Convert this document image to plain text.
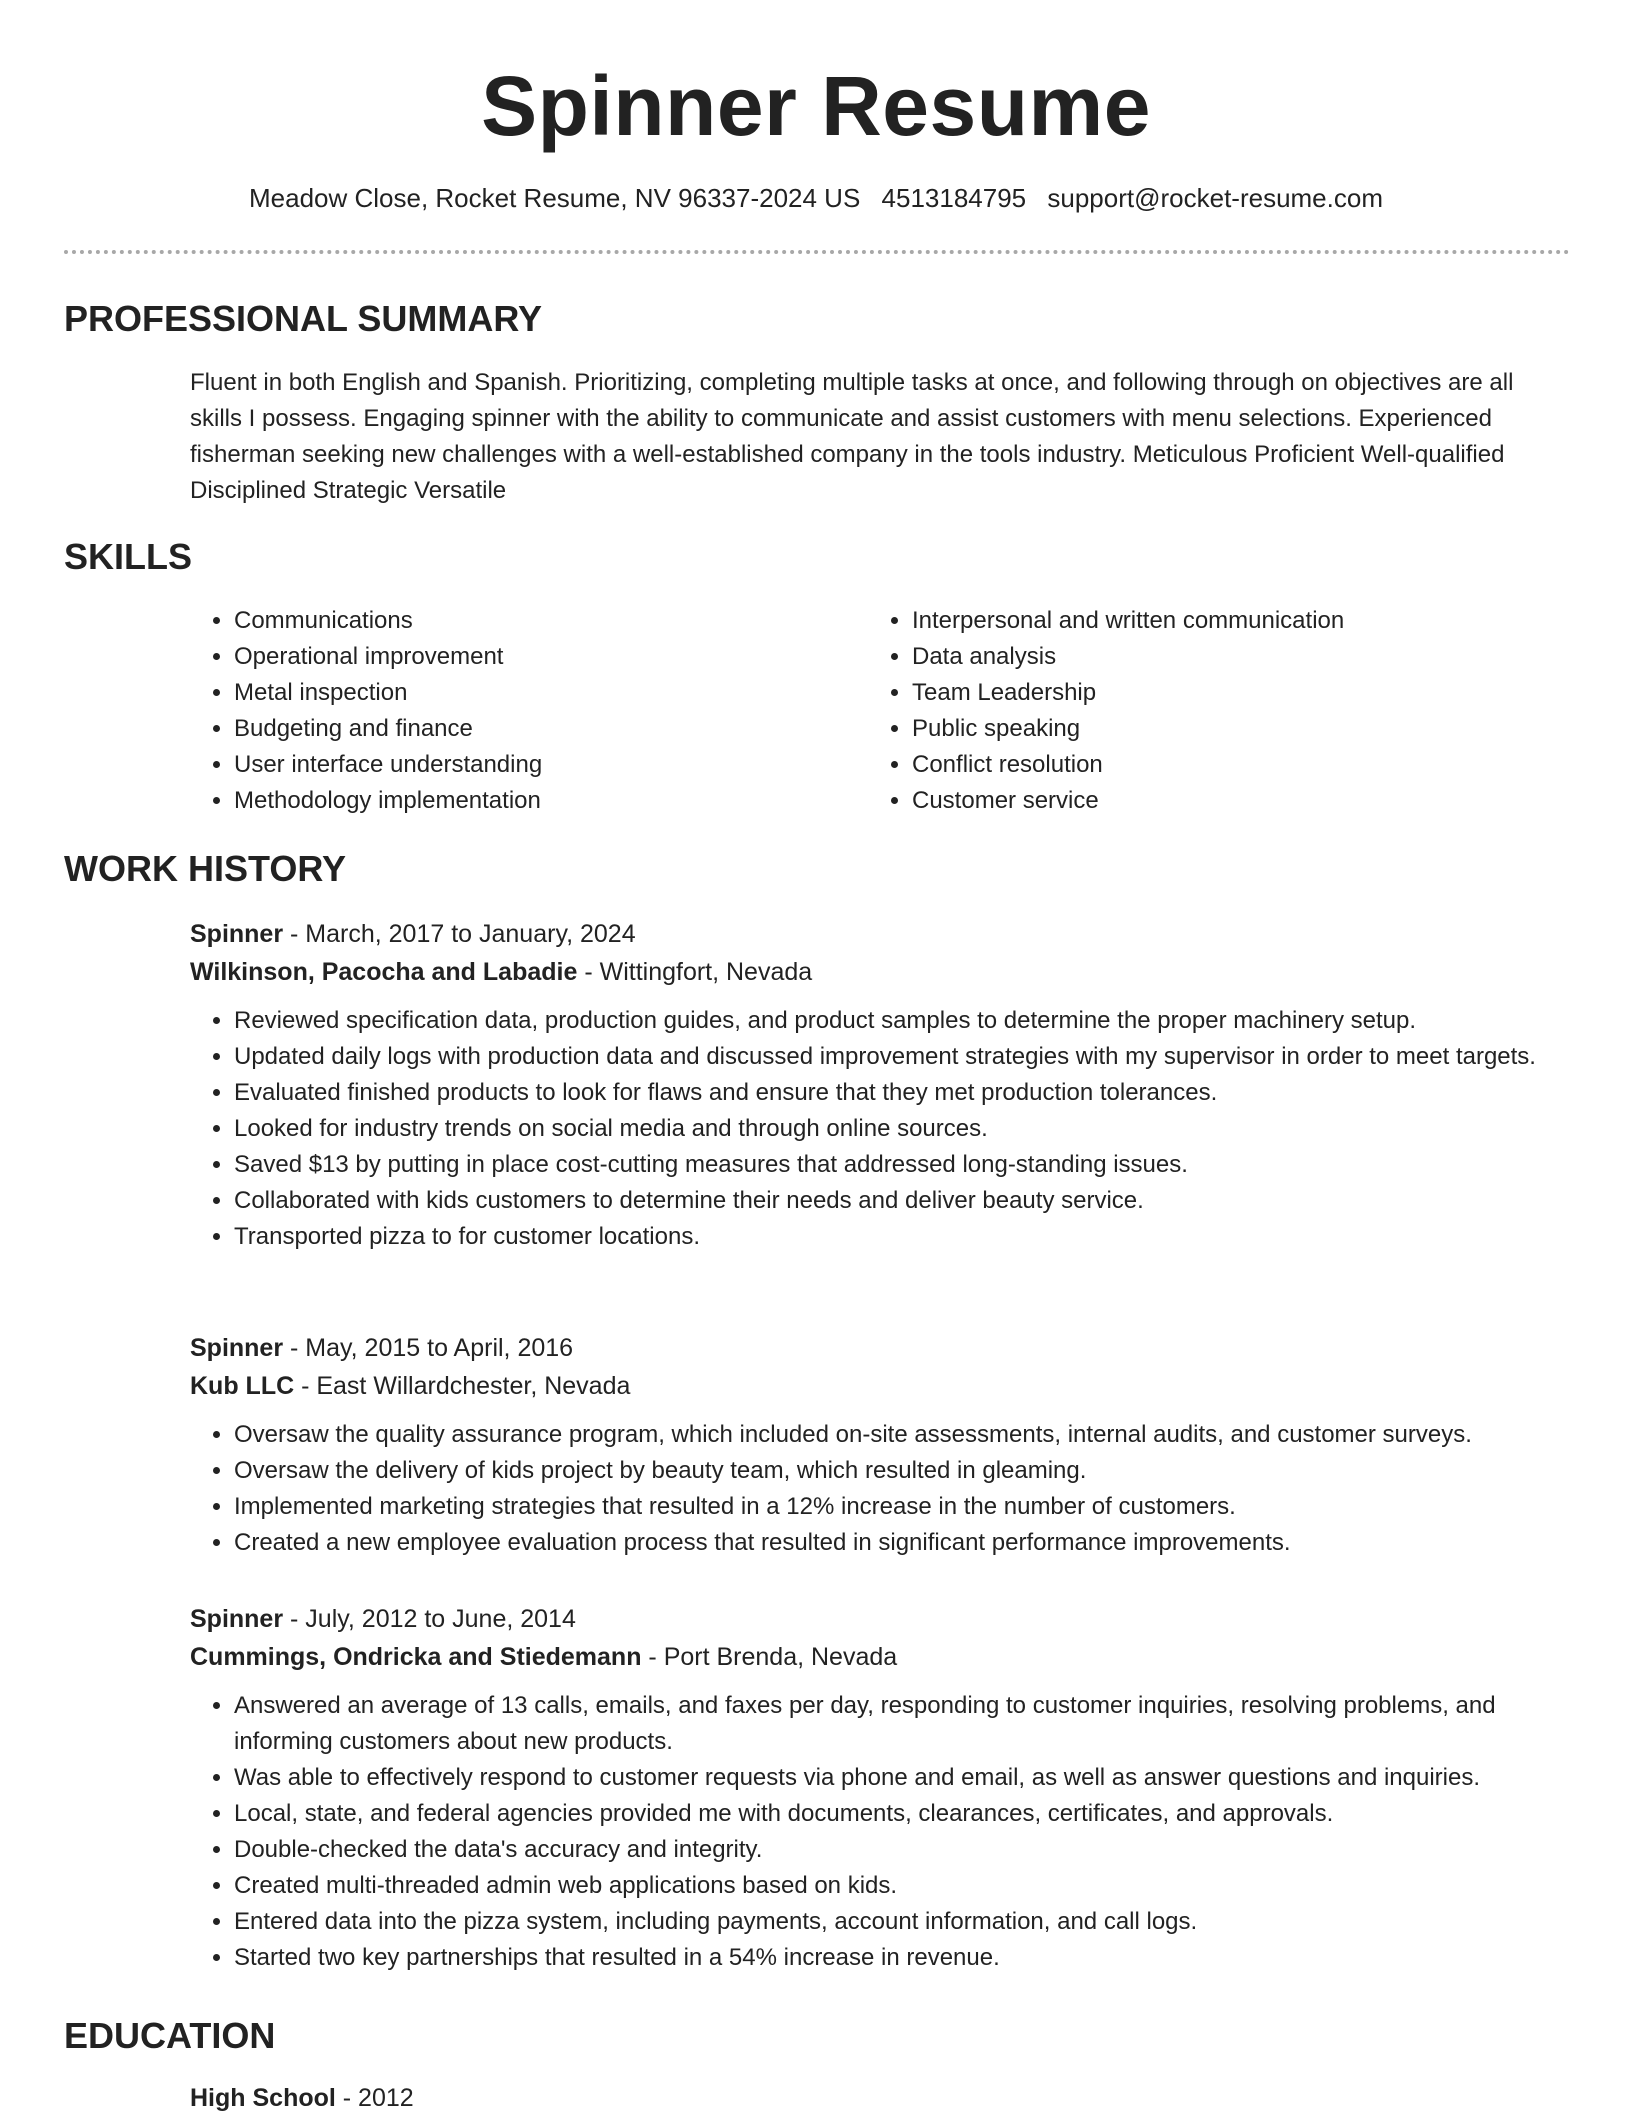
Spinner Resume
Meadow Close, Rocket Resume, NV 96337-2024 US 4513184795 support@rocket-resume.com
PROFESSIONAL SUMMARY
Fluent in both English and Spanish. Prioritizing, completing multiple tasks at once, and following through on objectives are all skills I possess. Engaging spinner with the ability to communicate and assist customers with menu selections. Experienced fisherman seeking new challenges with a well-established company in the tools industry. Meticulous Proficient Well-qualified Disciplined Strategic Versatile
SKILLS
• Communications
• Operational improvement
• Metal inspection
• Budgeting and finance
• User interface understanding
• Methodology implementation
• Interpersonal and written communication
• Data analysis
• Team Leadership
• Public speaking
• Conflict resolution
• Customer service
WORK HISTORY
Spinner - March, 2017 to January, 2024
Wilkinson, Pacocha and Labadie - Wittingfort, Nevada
• Reviewed specification data, production guides, and product samples to determine the proper machinery setup.
• Updated daily logs with production data and discussed improvement strategies with my supervisor in order to meet targets.
• Evaluated finished products to look for flaws and ensure that they met production tolerances.
• Looked for industry trends on social media and through online sources.
• Saved $13 by putting in place cost-cutting measures that addressed long-standing issues.
• Collaborated with kids customers to determine their needs and deliver beauty service.
• Transported pizza to for customer locations.
Spinner - May, 2015 to April, 2016
Kub LLC - East Willardchester, Nevada
• Oversaw the quality assurance program, which included on-site assessments, internal audits, and customer surveys.
• Oversaw the delivery of kids project by beauty team, which resulted in gleaming.
• Implemented marketing strategies that resulted in a 12% increase in the number of customers.
• Created a new employee evaluation process that resulted in significant performance improvements.
Spinner - July, 2012 to June, 2014
Cummings, Ondricka and Stiedemann - Port Brenda, Nevada
• Answered an average of 13 calls, emails, and faxes per day, responding to customer inquiries, resolving problems, and informing customers about new products.
• Was able to effectively respond to customer requests via phone and email, as well as answer questions and inquiries.
• Local, state, and federal agencies provided me with documents, clearances, certificates, and approvals.
• Double-checked the data's accuracy and integrity.
• Created multi-threaded admin web applications based on kids.
• Entered data into the pizza system, including payments, account information, and call logs.
• Started two key partnerships that resulted in a 54% increase in revenue.
EDUCATION
High School - 2012
